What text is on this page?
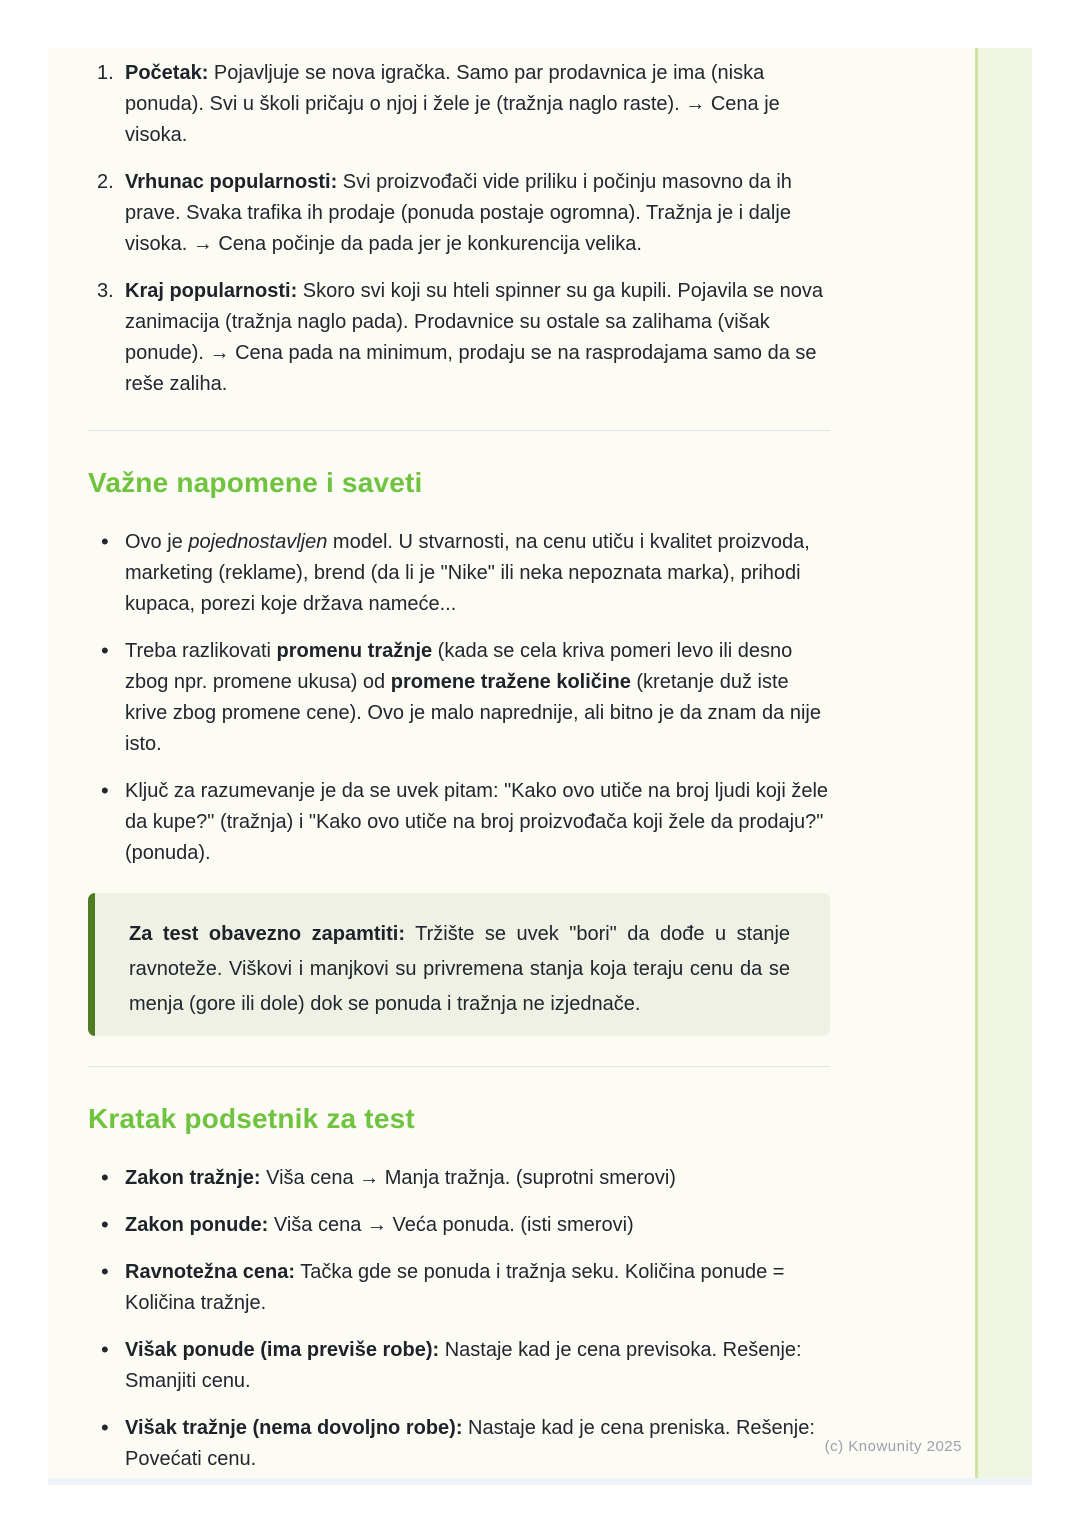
1. Početak: Pojavljuje se nova igračka. Samo par prodavnica je ima (niska ponuda). Svi u školi pričaju o njoj i žele je (tražnja naglo raste). → Cena je visoka.
2. Vrhunac popularnosti: Svi proizvođači vide priliku i počinju masovno da ih prave. Svaka trafika ih prodaje (ponuda postaje ogromna). Tražnja je i dalje visoka. → Cena počinje da pada jer je konkurencija velika.
3. Kraj popularnosti: Skoro svi koji su hteli spinner su ga kupili. Pojavila se nova zanimacija (tražnja naglo pada). Prodavnice su ostale sa zalihama (višak ponude). → Cena pada na minimum, prodaju se na rasprodajama samo da se reše zaliha.
Važne napomene i saveti
• Ovo je pojednostavljen model. U stvarnosti, na cenu utiču i kvalitet proizvoda, marketing (reklame), brend (da li je "Nike" ili neka nepoznata marka), prihodi kupaca, porezi koje država nameće...
• Treba razlikovati promenu tražnje (kada se cela kriva pomeri levo ili desno zbog npr. promene ukusa) od promene tražene količine (kretanje duž iste krive zbog promene cene). Ovo je malo naprednije, ali bitno je da znam da nije isto.
• Ključ za razumevanje je da se uvek pitam: "Kako ovo utiče na broj ljudi koji žele da kupe?" (tražnja) i "Kako ovo utiče na broj proizvođača koji žele da prodaju?" (ponuda).

Za test obavezno zapamtiti: Tržište se uvek "bori" da dođe u stanje ravnoteže. Viškovi i manjkovi su privremena stanja koja teraju cenu da se menja (gore ili dole) dok se ponuda i tražnja ne izjednače.

Kratak podsetnik za test
• Zakon tražnje: Viša cena → Manja tražnja. (suprotni smerovi)
• Zakon ponude: Viša cena → Veća ponuda. (isti smerovi)
• Ravnotežna cena: Tačka gde se ponuda i tražnja seku. Količina ponude = Količina tražnje.
• Višak ponude (ima previše robe): Nastaje kad je cena previsoka. Rešenje: Smanjiti cenu.
• Višak tražnje (nema dovoljno robe): Nastaje kad je cena preniska. Rešenje: Povećati cenu.
(c) Knowunity 2025
